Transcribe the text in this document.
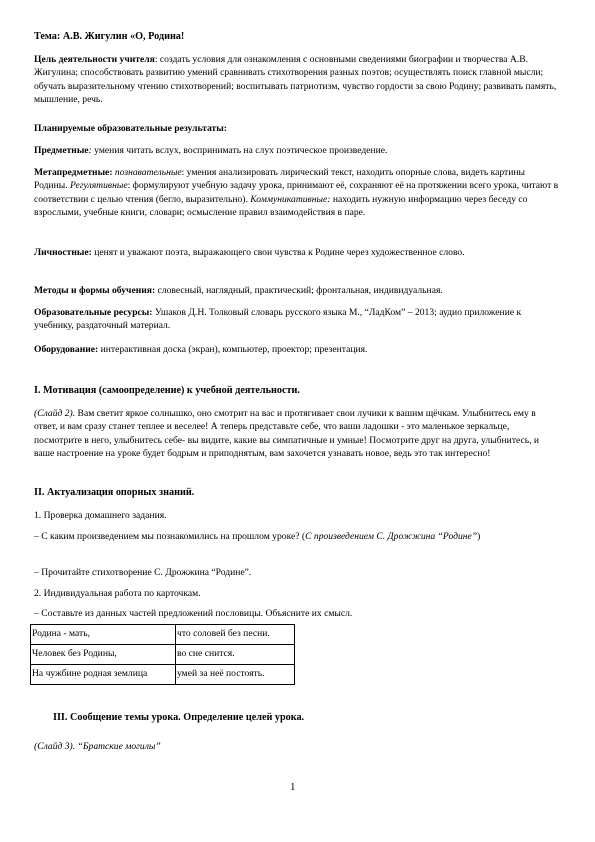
Тема: А.В. Жигулин «О, Родина!

Цель деятельности учителя: создать условия для ознакомления с основными сведениями биографии и творчества А.В. Жигулина; способствовать развитию умений сравнивать стихотворения разных поэтов; осуществлять поиск главной мысли; обучать выразительному чтению стихотворений; воспитывать патриотизм, чувство гордости за свою Родину; развивать память, мышление, речь.

Планируемые образовательные результаты:

Предметные: умения читать вслух, воспринимать на слух поэтическое произведение.

Метапредметные: познавательные: умения анализировать лирический текст, находить опорные слова, видеть картины Родины. Регулятивные: формулируют учебную задачу урока, принимают её, сохраняют её на протяжении всего урока, читают в соответствии с целью чтения (бегло, выразительно). Коммуникативные: находить нужную информацию через беседу со взрослыми, учебные книги, словари; осмысление правил взаимодействия в паре.

Личностные: ценят и уважают поэта, выражающего свои чувства к Родине через художественное слово.

Методы и формы обучения: словесный, наглядный, практический; фронтальная, индивидуальная.

Образовательные ресурсы: Ушаков Д.Н. Толковый словарь русского языка М., “ЛадКом” – 2013; аудио приложение к учебнику, раздаточный материал.

Оборудование: интерактивная доска (экран), компьютер, проектор; презентация.

I. Мотивация (самоопределение) к учебной деятельности.

(Слайд 2). Вам светит яркое солнышко, оно смотрит на вас и протягивает свои лучики к вашим щёчкам. Улыбнитесь ему в ответ, и вам сразу станет теплее и веселее! А теперь представьте себе, что ваши ладошки - это маленькое зеркальце, посмотрите в него, улыбнитесь себе- вы видите, какие вы симпатичные и умные! Посмотрите друг на друга, улыбнитесь, и ваше настроение на уроке будет бодрым и приподнятым, вам захочется узнавать новое, ведь это так интересно!

II. Актуализация опорных знаний.

1. Проверка домашнего задания.

– С каким произведением мы познакомились на прошлом уроке? (С произведением С. Дрожжина “Родине”)

– Прочитайте стихотворение С. Дрожжина “Родине”.

2. Индивидуальная работа по карточкам.

– Составьте из данных частей предложений пословицы. Объясните их смысл.

Родина - мать,	что соловей без песни.
Человек без Родины,	во сне снится.
На чужбине родная землица	умей за неё постоять.

III. Сообщение темы урока. Определение целей урока.

(Слайд 3). “Братские могилы”

1
